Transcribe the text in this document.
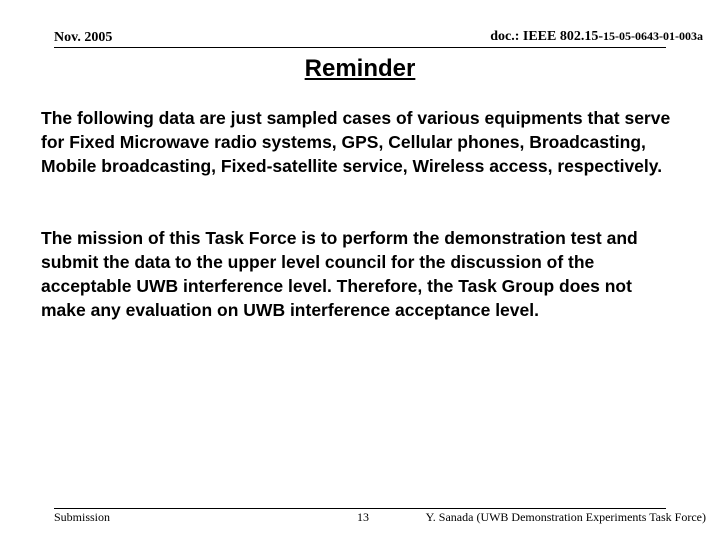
Nov. 2005	doc.: IEEE 802.15-15-05-0643-01-003a
Reminder

The following data are just sampled cases of various equipments that serve for Fixed Microwave radio systems, GPS, Cellular phones, Broadcasting, Mobile broadcasting, Fixed-satellite service, Wireless access, respectively.

The mission of this Task Force is to perform the demonstration test and submit the data to the upper level council for the discussion of the acceptable UWB interference level. Therefore, the Task Group does not make any evaluation on UWB interference acceptance level.

Submission	13	Y. Sanada (UWB Demonstration Experiments Task Force)
